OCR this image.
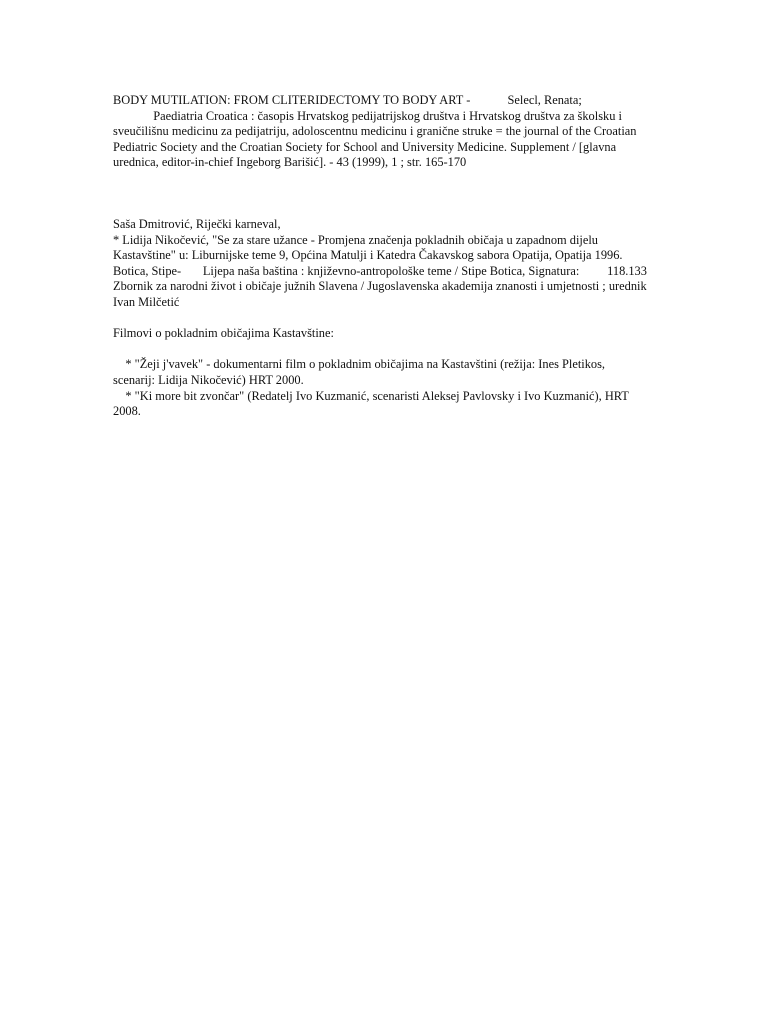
BODY MUTILATION: FROM CLITERIDECTOMY TO BODY ART -            Selecl, Renata;
Paediatria Croatica : časopis Hrvatskog pedijatrijskog društva i Hrvatskog društva za školsku i
sveučilišnu medicinu za pedijatriju, adoloscentnu medicinu i granične struke = the journal of the Croatian
Pediatric Society and the Croatian Society for School and University Medicine. Supplement / [glavna
urednica, editor-in-chief Ingeborg Barišić]. - 43 (1999), 1 ; str. 165-170
Saša Dmitrović, Riječki karneval,
* Lidija Nikočević, "Se za stare užance - Promjena značenja pokladnih običaja u zapadnom dijelu
Kastavštine" u: Liburnijske teme 9, Općina Matulji i Katedra Čakavskog sabora Opatija, Opatija 1996.
Botica, Stipe-       Lijepa naša baština : književno-antropološke teme / Stipe Botica, Signatura:         118.133
Zbornik za narodni život i običaje južnih Slavena / Jugoslavenska akademija znanosti i umjetnosti ; urednik
Ivan Milčetić
Filmovi o pokladnim običajima Kastavštine:
* "Žeji j'vavek" - dokumentarni film o pokladnim običajima na Kastavštini (režija: Ines Pletikos,
scenarij: Lidija Nikočević) HRT 2000.
* "Ki more bit zvončar" (Redatelj Ivo Kuzmanić, scenaristi Aleksej Pavlovsky i Ivo Kuzmanić), HRT
2008.
